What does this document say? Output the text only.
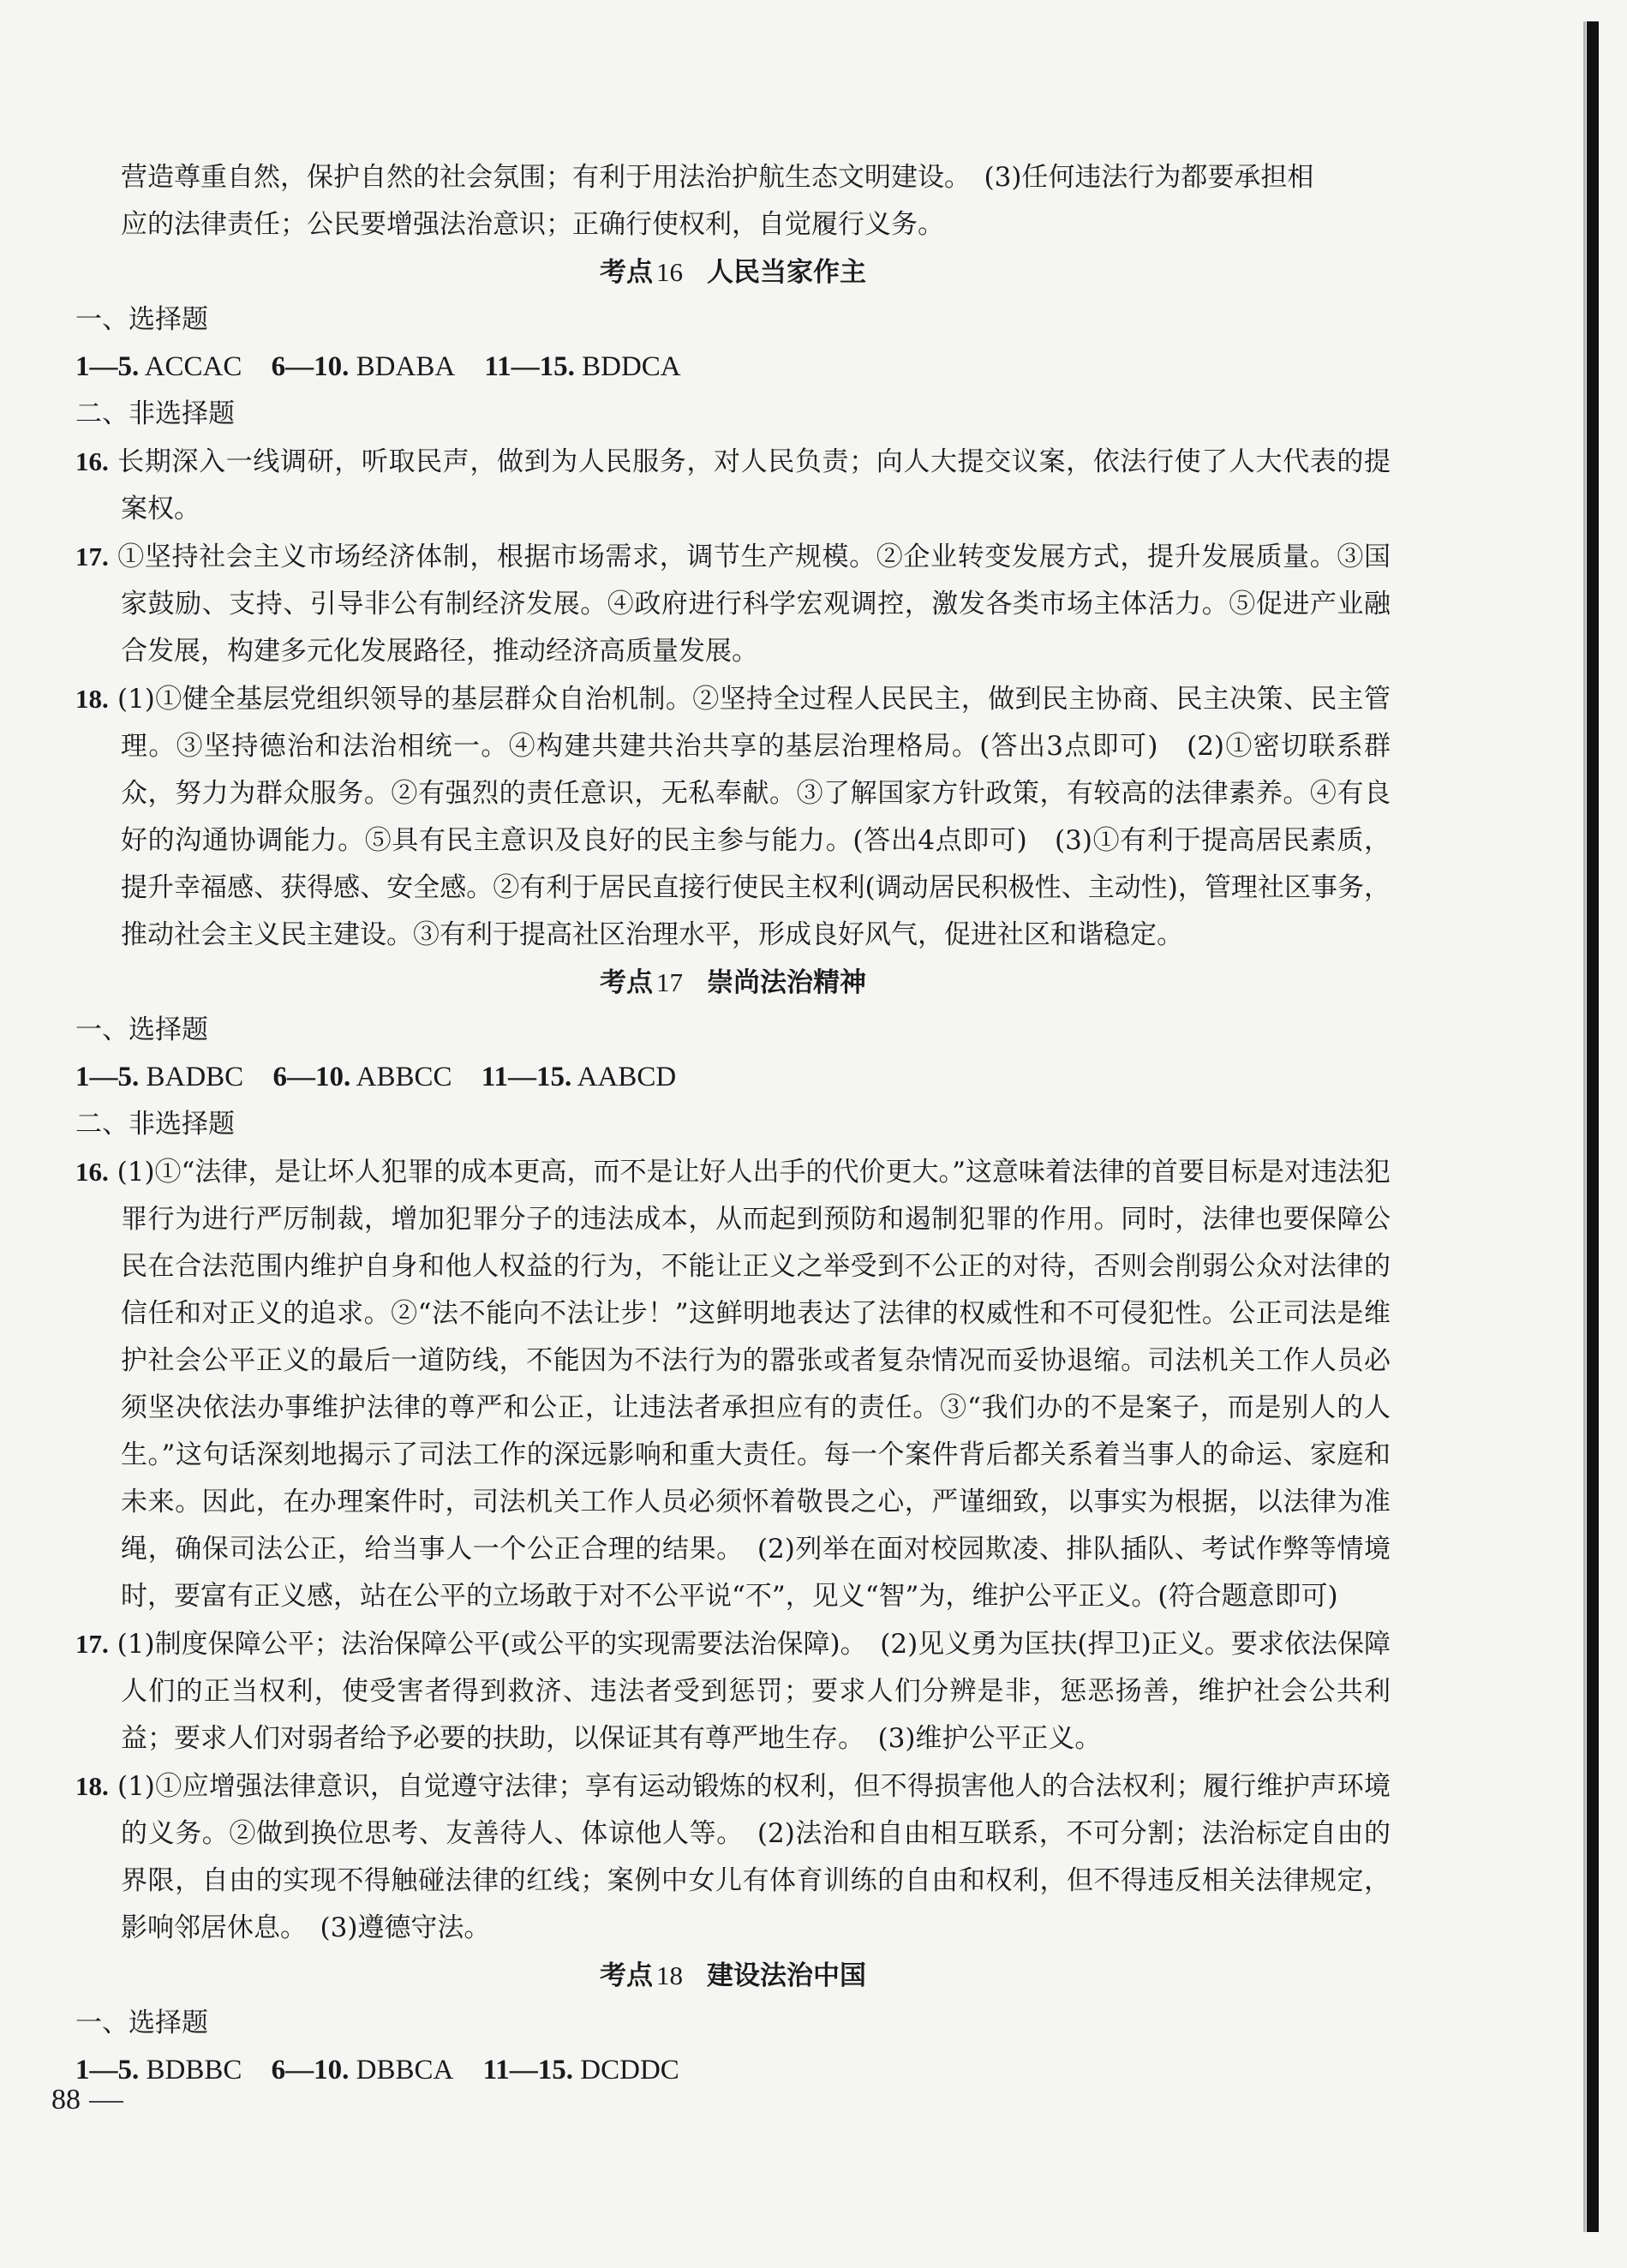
营造尊重自然，保护自然的社会氛围；有利于用法治护航生态文明建设。　(3)任何违法行为都要承担相
应的法律责任；公民要增强法治意识；正确行使权利，自觉履行义务。
考点 16 人民当家作主
一、选择题
1—5. ACCAC 6—10. BDABA 11—15. BDDCA
二、非选择题
16. 长期深入一线调研，听取民声，做到为人民服务，对人民负责；向人大提交议案，依法行使了人大代表的提案权。
17. ①坚持社会主义市场经济体制，根据市场需求，调节生产规模。②企业转变发展方式，提升发展质量。③国家鼓励、支持、引导非公有制经济发展。④政府进行科学宏观调控，激发各类市场主体活力。⑤促进产业融合发展，构建多元化发展路径，推动经济高质量发展。
18. (1)①健全基层党组织领导的基层群众自治机制。②坚持全过程人民民主，做到民主协商、民主决策、民主管理。③坚持德治和法治相统一。④构建共建共治共享的基层治理格局。(答出3点即可)　(2)①密切联系群众，努力为群众服务。②有强烈的责任意识，无私奉献。③了解国家方针政策，有较高的法律素养。④有良好的沟通协调能力。⑤具有民主意识及良好的民主参与能力。(答出4点即可)　(3)①有利于提高居民素质，提升幸福感、获得感、安全感。②有利于居民直接行使民主权利(调动居民积极性、主动性)，管理社区事务，推动社会主义民主建设。③有利于提高社区治理水平，形成良好风气，促进社区和谐稳定。
考点 17 崇尚法治精神
一、选择题
1—5. BADBC 6—10. ABBCC 11—15. AABCD
二、非选择题
16. (1)①“法律，是让坏人犯罪的成本更高，而不是让好人出手的代价更大。”这意味着法律的首要目标是对违法犯罪行为进行严厉制裁，增加犯罪分子的违法成本，从而起到预防和遏制犯罪的作用。同时，法律也要保障公民在合法范围内维护自身和他人权益的行为，不能让正义之举受到不公正的对待，否则会削弱公众对法律的信任和对正义的追求。②“法不能向不法让步！”这鲜明地表达了法律的权威性和不可侵犯性。公正司法是维护社会公平正义的最后一道防线，不能因为不法行为的嚣张或者复杂情况而妥协退缩。司法机关工作人员必须坚决依法办事维护法律的尊严和公正，让违法者承担应有的责任。③“我们办的不是案子，而是别人的人生。”这句话深刻地揭示了司法工作的深远影响和重大责任。每一个案件背后都关系着当事人的命运、家庭和未来。因此，在办理案件时，司法机关工作人员必须怀着敬畏之心，严谨细致，以事实为根据，以法律为准绳，确保司法公正，给当事人一个公正合理的结果。　(2)列举在面对校园欺凌、排队插队、考试作弊等情境时，要富有正义感，站在公平的立场敢于对不公平说“不”，见义“智”为，维护公平正义。(符合题意即可)
17. (1)制度保障公平；法治保障公平(或公平的实现需要法治保障)。　(2)见义勇为匡扶(捍卫)正义。要求依法保障人们的正当权利，使受害者得到救济、违法者受到惩罚；要求人们分辨是非，惩恶扬善，维护社会公共利益；要求人们对弱者给予必要的扶助，以保证其有尊严地生存。　(3)维护公平正义。
18. (1)①应增强法律意识，自觉遵守法律；享有运动锻炼的权利，但不得损害他人的合法权利；履行维护声环境的义务。②做到换位思考、友善待人、体谅他人等。　(2)法治和自由相互联系，不可分割；法治标定自由的界限，自由的实现不得触碰法律的红线；案例中女儿有体育训练的自由和权利，但不得违反相关法律规定，影响邻居休息。　(3)遵德守法。
考点 18 建设法治中国
一、选择题
1—5. BDBBC 6—10. DBBCA 11—15. DCDDC
88
